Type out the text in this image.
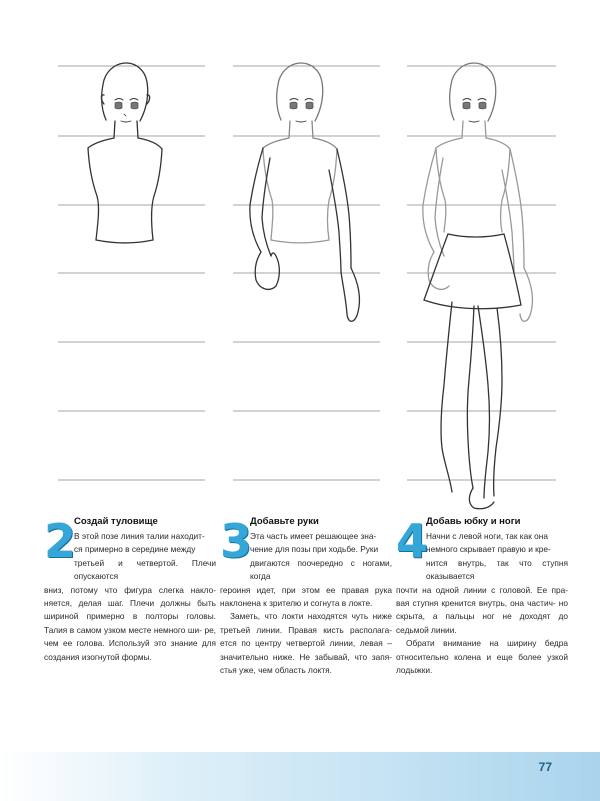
2
Создай туловище
В этой позе линия талии находит-
ся примерно в середине между
третьей и четвертой. Плечи опускаются

вниз, потому что фигура слегка накло- няется, делая шаг. Плечи должны быть шириной примерно в полторы головы. Талия в самом узком месте немного ши- ре, чем ее голова. Используй это знание для создания изогнутой формы.

3
Добавьте руки
Эта часть имеет решающее зна-
чение для позы при ходьбе. Руки
двигаются поочередно с ногами, когда

героиня идет, при этом ее правая рука наклонена к зрителю и согнута в локте.

Заметь, что локти находятся чуть ниже третьей линии. Правая кисть располага- ется по центру четвертой линии, левая – значительно ниже. Не забывай, что запя- стья уже, чем область локтя.

4
Добавь юбку и ноги
Начни с левой ноги, так как она
немного скрывает правую и кре-
нится внутрь, так что ступня оказывается

почти на одной линии с головой. Ее пра- вая ступня кренится внутрь, она частич- но скрыта, а пальцы ног не доходят до седьмой линии.

Обрати внимание на ширину бедра относительно колена и еще более узкой лодыжки.

77
